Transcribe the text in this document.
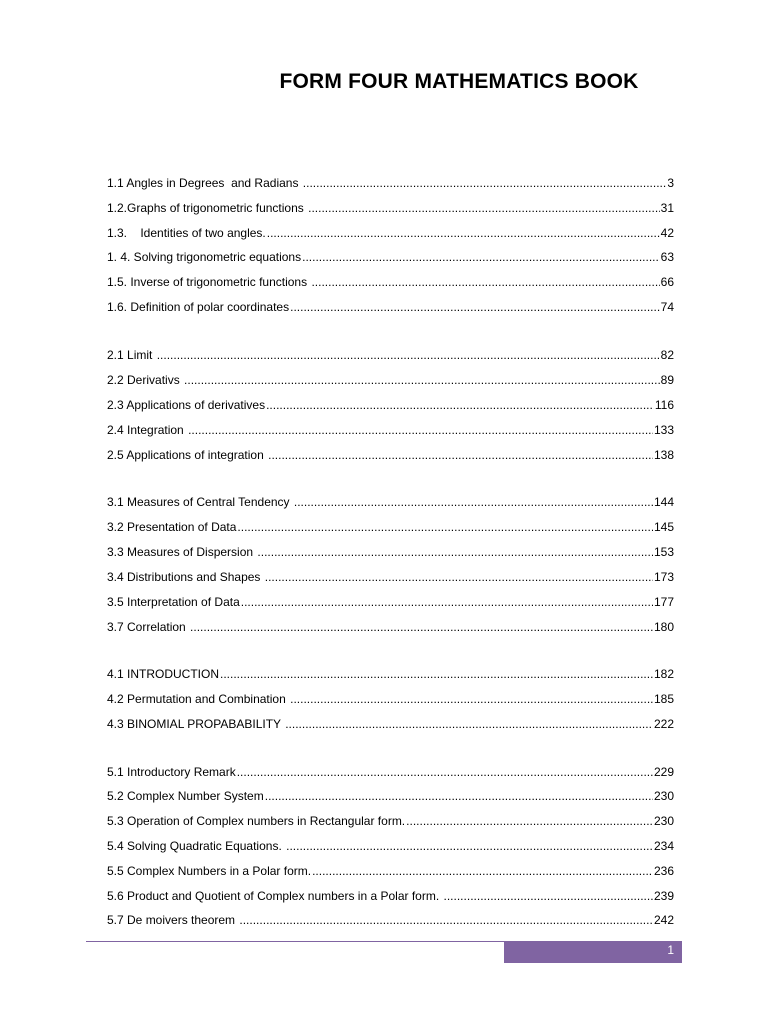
FORM FOUR MATHEMATICS BOOK
1.1 Angles in Degrees  and Radians .....	3
1.2.Graphs of trigonometric functions .....	31
1.3.    Identities of two angles. .....	42
1. 4. Solving trigonometric equations .....	63
1.5. Inverse of trigonometric functions .....	66
1.6. Definition of polar coordinates .....	74
2.1 Limit .....	82
2.2 Derivativs .....	89
2.3 Applications of derivatives .....	116
2.4 Integration .....	133
2.5 Applications of integration .....	138
3.1 Measures of Central Tendency .....	144
3.2 Presentation of Data .....	145
3.3 Measures of Dispersion .....	153
3.4 Distributions and Shapes .....	173
3.5 Interpretation of Data .....	177
3.7 Correlation .....	180
4.1 INTRODUCTION .....	182
4.2 Permutation and Combination .....	185
4.3 BINOMIAL PROPABABILITY .....	222
5.1 Introductory Remark .....	229
5.2 Complex Number System .....	230
5.3 Operation of Complex numbers in Rectangular form. .....	230
5.4 Solving Quadratic Equations. .....	234
5.5 Complex Numbers in a Polar form. .....	236
5.6 Product and Quotient of Complex numbers in a Polar form. .....	239
5.7 De moivers theorem .....	242
1
